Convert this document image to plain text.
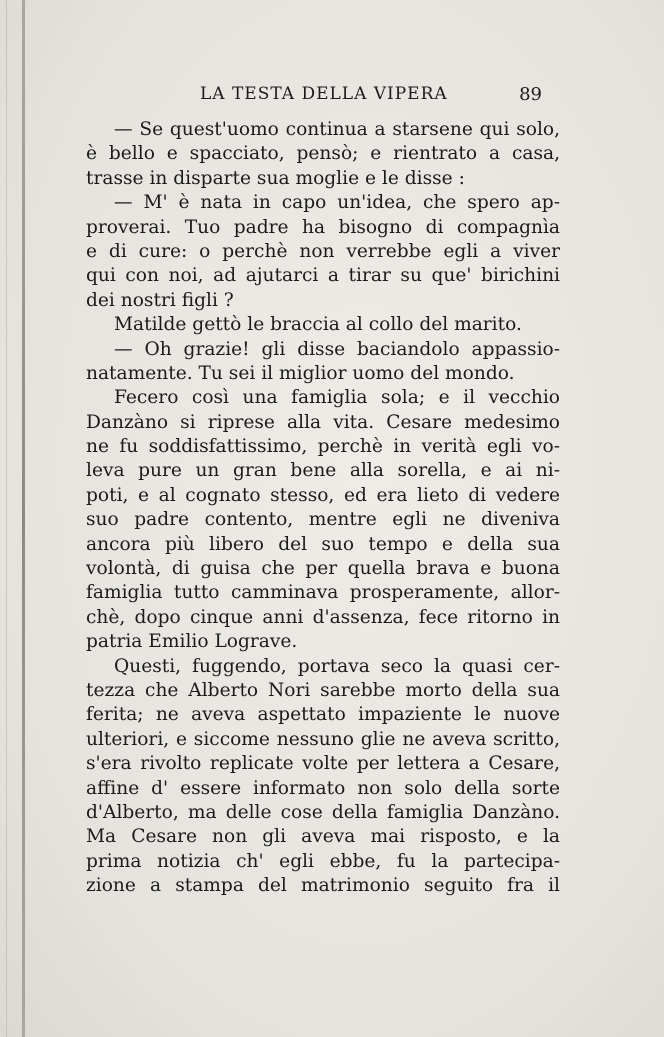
LA TESTA DELLA VIPERA	89
— Se quest'uomo continua a starsene qui solo,
è bello e spacciato, pensò; e rientrato a casa,
trasse in disparte sua moglie e le disse :
— M' è nata in capo un'idea, che spero ap-
proverai. Tuo padre ha bisogno di compagnìa
e di cure: o perchè non verrebbe egli a viver
qui con noi, ad ajutarci a tirar su que' birichini
dei nostri figli ?
Matilde gettò le braccia al collo del marito.
— Oh grazie! gli disse baciandolo appassio-
natamente. Tu sei il miglior uomo del mondo.
Fecero così una famiglia sola; e il vecchio
Danzàno si riprese alla vita. Cesare medesimo
ne fu soddisfattissimo, perchè in verità egli vo-
leva pure un gran bene alla sorella, e ai ni-
poti, e al cognato stesso, ed era lieto di vedere
suo padre contento, mentre egli ne diveniva
ancora più libero del suo tempo e della sua
volontà, di guisa che per quella brava e buona
famiglia tutto camminava prosperamente, allor-
chè, dopo cinque anni d'assenza, fece ritorno in
patria Emilio Lograve.
Questi, fuggendo, portava seco la quasi cer-
tezza che Alberto Nori sarebbe morto della sua
ferita; ne aveva aspettato impaziente le nuove
ulteriori, e siccome nessuno glie ne aveva scritto,
s'era rivolto replicate volte per lettera a Cesare,
affine d' essere informato non solo della sorte
d'Alberto, ma delle cose della famiglia Danzàno.
Ma Cesare non gli aveva mai risposto, e la
prima notizia ch' egli ebbe, fu la partecipa-
zione a stampa del matrimonio seguito fra il
